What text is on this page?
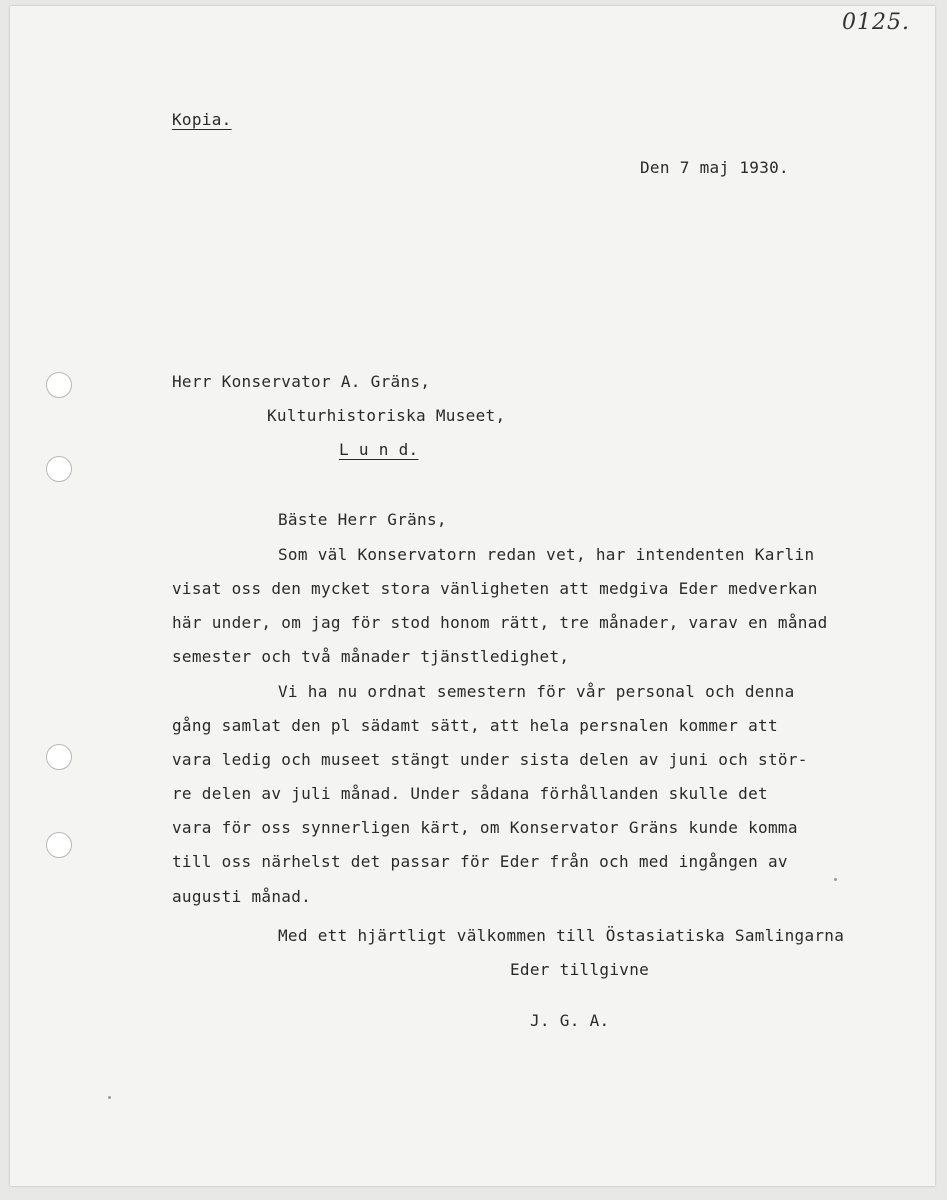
0125.
Kopia.
Den 7 maj 1930.
Herr Konservator A. Gräns,
Kulturhistoriska Museet,
L u n d.
Bäste Herr Gräns,
Som väl Konservatorn redan vet, har intendenten Karlin
visat oss den mycket stora vänligheten att medgiva Eder medverkan
här under, om jag för stod honom rätt, tre månader, varav en månad
semester och två månader tjänstledighet,
Vi ha nu ordnat semestern för vår personal och denna
gång samlat den pl sädamt sätt, att hela persnalen kommer att
vara ledig och museet stängt under sista delen av juni och stör-
re delen av juli månad. Under sådana förhållanden skulle det
vara för oss synnerligen kärt, om Konservator Gräns kunde komma
till oss närhelst det passar för Eder från och med ingången av
augusti månad.
Med ett hjärtligt välkommen till Östasiatiska Samlingarna
Eder tillgivne
J. G. A.
